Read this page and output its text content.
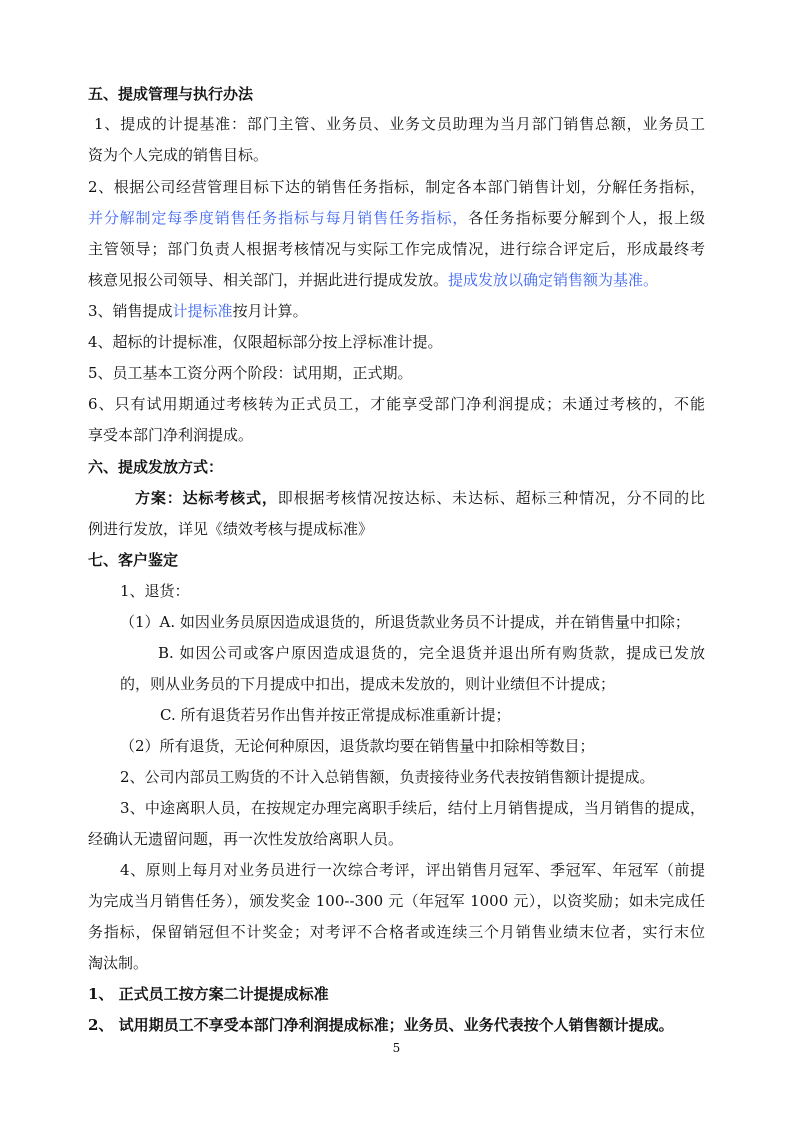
五、提成管理与执行办法
1、提成的计提基准：部门主管、业务员、业务文员助理为当月部门销售总额，业务员工
资为个人完成的销售目标。
2、根据公司经营管理目标下达的销售任务指标，制定各本部门销售计划，分解任务指标，
并分解制定每季度销售任务指标与每月销售任务指标，各任务指标要分解到个人，报上级
主管领导；部门负责人根据考核情况与实际工作完成情况，进行综合评定后，形成最终考
核意见报公司领导、相关部门，并据此进行提成发放。提成发放以确定销售额为基准。
3、销售提成计提标准按月计算。
4、超标的计提标准，仅限超标部分按上浮标准计提。
5、员工基本工资分两个阶段：试用期，正式期。
6、只有试用期通过考核转为正式员工，才能享受部门净利润提成；未通过考核的，不能
享受本部门净利润提成。
六、提成发放方式：
方案：达标考核式，即根据考核情况按达标、未达标、超标三种情况，分不同的比
例进行发放，详见《绩效考核与提成标准》
七、客户鉴定
1、退货：
（1）A. 如因业务员原因造成退货的，所退货款业务员不计提成，并在销售量中扣除；
B. 如因公司或客户原因造成退货的，完全退货并退出所有购货款，提成已发放
的，则从业务员的下月提成中扣出，提成未发放的，则计业绩但不计提成；
C. 所有退货若另作出售并按正常提成标准重新计提；
（2）所有退货，无论何种原因，退货款均要在销售量中扣除相等数目；
2、公司内部员工购货的不计入总销售额，负责接待业务代表按销售额计提提成。
3、中途离职人员，在按规定办理完离职手续后，结付上月销售提成，当月销售的提成，
经确认无遗留问题，再一次性发放给离职人员。
4、原则上每月对业务员进行一次综合考评，评出销售月冠军、季冠军、年冠军（前提
为完成当月销售任务），颁发奖金 100--300 元（年冠军 1000 元），以资奖励；如未完成任
务指标，保留销冠但不计奖金；对考评不合格者或连续三个月销售业绩末位者，实行末位
淘汰制。
1、 正式员工按方案二计提提成标准
2、 试用期员工不享受本部门净利润提成标准；业务员、业务代表按个人销售额计提成。
5
